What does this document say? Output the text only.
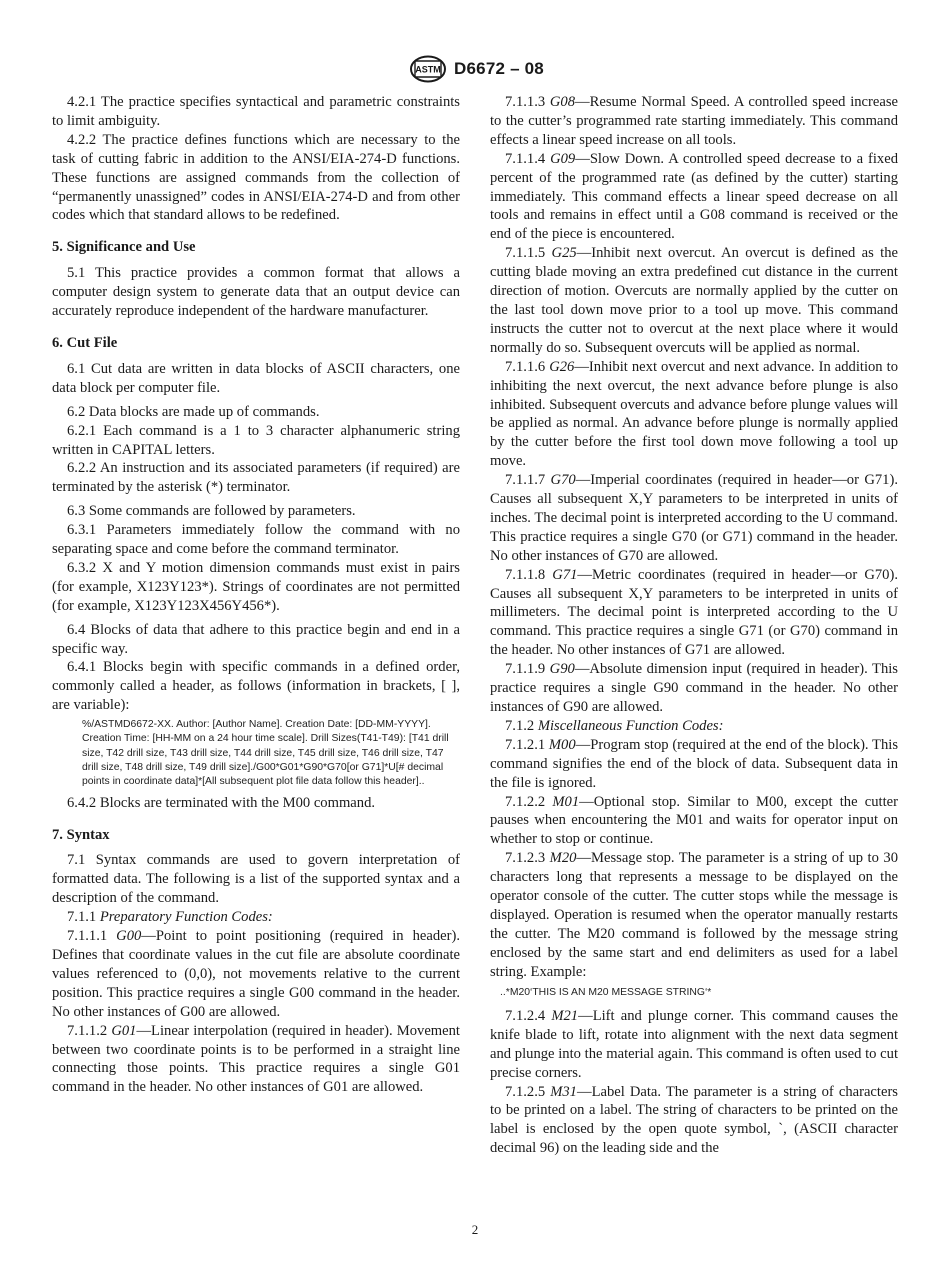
ASTM D6672 – 08

4.2.1 The practice specifies syntactical and parametric constraints to limit ambiguity.

4.2.2 The practice defines functions which are necessary to the task of cutting fabric in addition to the ANSI/EIA-274-D functions. These functions are assigned commands from the collection of “permanently unassigned” codes in ANSI/EIA-274-D and from other codes which that standard allows to be redefined.

5. Significance and Use

5.1 This practice provides a common format that allows a computer design system to generate data that an output device can accurately reproduce independent of the hardware manufacturer.

6. Cut File

6.1 Cut data are written in data blocks of ASCII characters, one data block per computer file.

6.2 Data blocks are made up of commands.

6.2.1 Each command is a 1 to 3 character alphanumeric string written in CAPITAL letters.

6.2.2 An instruction and its associated parameters (if required) are terminated by the asterisk (*) terminator.

6.3 Some commands are followed by parameters.

6.3.1 Parameters immediately follow the command with no separating space and come before the command terminator.

6.3.2 X and Y motion dimension commands must exist in pairs (for example, X123Y123*). Strings of coordinates are not permitted (for example, X123Y123X456Y456*).

6.4 Blocks of data that adhere to this practice begin and end in a specific way.

6.4.1 Blocks begin with specific commands in a defined order, commonly called a header, as follows (information in brackets, [ ], are variable):

%/ASTMD6672-XX. Author: [Author Name]. Creation Date: [DD-MM-YYYY]. Creation Time: [HH-MM on a 24 hour time scale]. Drill Sizes(T41-T49): [T41 drill size, T42 drill size, T43 drill size, T44 drill size, T45 drill size, T46 drill size, T47 drill size, T48 drill size, T49 drill size]./G00*G01*G90*G70[or G71]*U[# decimal points in coordinate data]*[All subsequent plot file data follow this header]..

6.4.2 Blocks are terminated with the M00 command.

7. Syntax

7.1 Syntax commands are used to govern interpretation of formatted data. The following is a list of the supported syntax and a description of the command.

7.1.1 Preparatory Function Codes:

7.1.1.1 G00—Point to point positioning (required in header). Defines that coordinate values in the cut file are absolute coordinate values referenced to (0,0), not movements relative to the current position. This practice requires a single G00 command in the header. No other instances of G00 are allowed.

7.1.1.2 G01—Linear interpolation (required in header). Movement between two coordinate points is to be performed in a straight line connecting those points. This practice requires a single G01 command in the header. No other instances of G01 are allowed.

7.1.1.3 G08—Resume Normal Speed. A controlled speed increase to the cutter’s programmed rate starting immediately. This command effects a linear speed increase on all tools.

7.1.1.4 G09—Slow Down. A controlled speed decrease to a fixed percent of the programmed rate (as defined by the cutter) starting immediately. This command effects a linear speed decrease on all tools and remains in effect until a G08 command is received or the end of the piece is encountered.

7.1.1.5 G25—Inhibit next overcut. An overcut is defined as the cutting blade moving an extra predefined cut distance in the current direction of motion. Overcuts are normally applied by the cutter on the last tool down move prior to a tool up move. This command instructs the cutter not to overcut at the next place where it would normally do so. Subsequent overcuts will be applied as normal.

7.1.1.6 G26—Inhibit next overcut and next advance. In addition to inhibiting the next overcut, the next advance before plunge is also inhibited. Subsequent overcuts and advance before plunge values will be applied as normal. An advance before plunge is normally applied by the cutter before the first tool down move following a tool up move.

7.1.1.7 G70—Imperial coordinates (required in header—or G71). Causes all subsequent X,Y parameters to be interpreted in units of inches. The decimal point is interpreted according to the U command. This practice requires a single G70 (or G71) command in the header. No other instances of G70 are allowed.

7.1.1.8 G71—Metric coordinates (required in header—or G70). Causes all subsequent X,Y parameters to be interpreted in units of millimeters. The decimal point is interpreted according to the U command. This practice requires a single G71 (or G70) command in the header. No other instances of G71 are allowed.

7.1.1.9 G90—Absolute dimension input (required in header). This practice requires a single G90 command in the header. No other instances of G90 are allowed.

7.1.2 Miscellaneous Function Codes:

7.1.2.1 M00—Program stop (required at the end of the block). This command signifies the end of the block of data. Subsequent data in the file is ignored.

7.1.2.2 M01—Optional stop. Similar to M00, except the cutter pauses when encountering the M01 and waits for operator input on whether to stop or continue.

7.1.2.3 M20—Message stop. The parameter is a string of up to 30 characters long that represents a message to be displayed on the operator console of the cutter. The cutter stops while the message is displayed. Operation is resumed when the operator manually restarts the cutter. The M20 command is followed by the message string enclosed by the same start and end delimiters as used for a label string. Example:

..*M20‘THIS IS AN M20 MESSAGE STRING‘*

7.1.2.4 M21—Lift and plunge corner. This command causes the knife blade to lift, rotate into alignment with the next data segment and plunge into the material again. This command is often used to cut precise corners.

7.1.2.5 M31—Label Data. The parameter is a string of characters to be printed on a label. The string of characters to be printed on the label is enclosed by the open quote symbol, `, (ASCII character decimal 96) on the leading side and the

2
